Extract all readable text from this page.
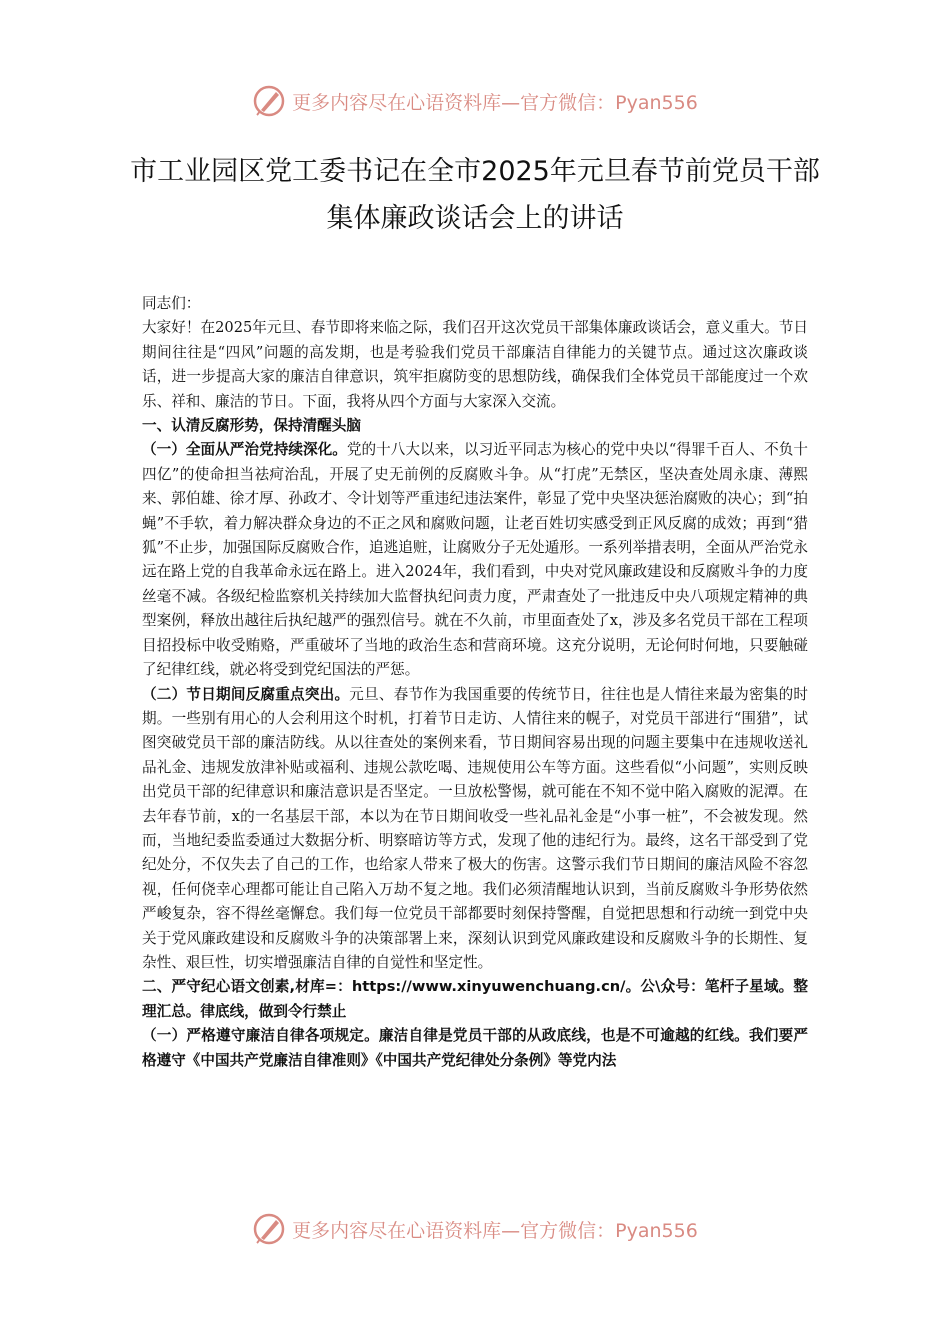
更多内容尽在心语资料库—官方微信：Pyan556
市工业园区党工委书记在全市2025年元旦春节前党员干部集体廉政谈话会上的讲话

同志们：

大家好！在2025年元旦、春节即将来临之际，我们召开这次党员干部集体廉政谈话会，意义重大。节日期间往往是“四风”问题的高发期，也是考验我们党员干部廉洁自律能力的关键节点。通过这次廉政谈话，进一步提高大家的廉洁自律意识，筑牢拒腐防变的思想防线，确保我们全体党员干部能度过一个欢乐、祥和、廉洁的节日。下面，我将从四个方面与大家深入交流。

一、认清反腐形势，保持清醒头脑

（一）全面从严治党持续深化。党的十八大以来，以习近平同志为核心的党中央以“得罪千百人、不负十四亿”的使命担当祛疴治乱，开展了史无前例的反腐败斗争。从“打虎”无禁区，坚决查处周永康、薄熙来、郭伯雄、徐才厚、孙政才、令计划等严重违纪违法案件，彰显了党中央坚决惩治腐败的决心；到“拍蝇”不手软，着力解决群众身边的不正之风和腐败问题，让老百姓切实感受到正风反腐的成效；再到“猎狐”不止步，加强国际反腐败合作，追逃追赃，让腐败分子无处遁形。一系列举措表明，全面从严治党永远在路上党的自我革命永远在路上。进入2024年，我们看到，中央对党风廉政建设和反腐败斗争的力度丝毫不减。各级纪检监察机关持续加大监督执纪问责力度，严肃查处了一批违反中央八项规定精神的典型案例，释放出越往后执纪越严的强烈信号。就在不久前，市里面查处了x，涉及多名党员干部在工程项目招投标中收受贿赂，严重破坏了当地的政治生态和营商环境。这充分说明，无论何时何地，只要触碰了纪律红线，就必将受到党纪国法的严惩。

（二）节日期间反腐重点突出。元旦、春节作为我国重要的传统节日，往往也是人情往来最为密集的时期。一些别有用心的人会利用这个时机，打着节日走访、人情往来的幌子，对党员干部进行“围猎”，试图突破党员干部的廉洁防线。从以往查处的案例来看，节日期间容易出现的问题主要集中在违规收送礼品礼金、违规发放津补贴或福利、违规公款吃喝、违规使用公车等方面。这些看似“小问题”，实则反映出党员干部的纪律意识和廉洁意识是否坚定。一旦放松警惕，就可能在不知不觉中陷入腐败的泥潭。在去年春节前，x的一名基层干部，本以为在节日期间收受一些礼品礼金是“小事一桩”，不会被发现。然而，当地纪委监委通过大数据分析、明察暗访等方式，发现了他的违纪行为。最终，这名干部受到了党纪处分，不仅失去了自己的工作，也给家人带来了极大的伤害。这警示我们节日期间的廉洁风险不容忽视，任何侥幸心理都可能让自己陷入万劫不复之地。我们必须清醒地认识到，当前反腐败斗争形势依然严峻复杂，容不得丝毫懈怠。我们每一位党员干部都要时刻保持警醒，自觉把思想和行动统一到党中央关于党风廉政建设和反腐败斗争的决策部署上来，深刻认识到党风廉政建设和反腐败斗争的长期性、复杂性、艰巨性，切实增强廉洁自律的自觉性和坚定性。

二、严守纪心语文创素,材库=：https://www.xinyuwenchuang.cn/。公\众号：笔杆子星域。整理汇总。律底线，做到令行禁止

（一）严格遵守廉洁自律各项规定。廉洁自律是党员干部的从政底线，也是不可逾越的红线。我们要严格遵守《中国共产党廉洁自律准则》《中国共产党纪律处分条例》等党内法

更多内容尽在心语资料库—官方微信：Pyan556
